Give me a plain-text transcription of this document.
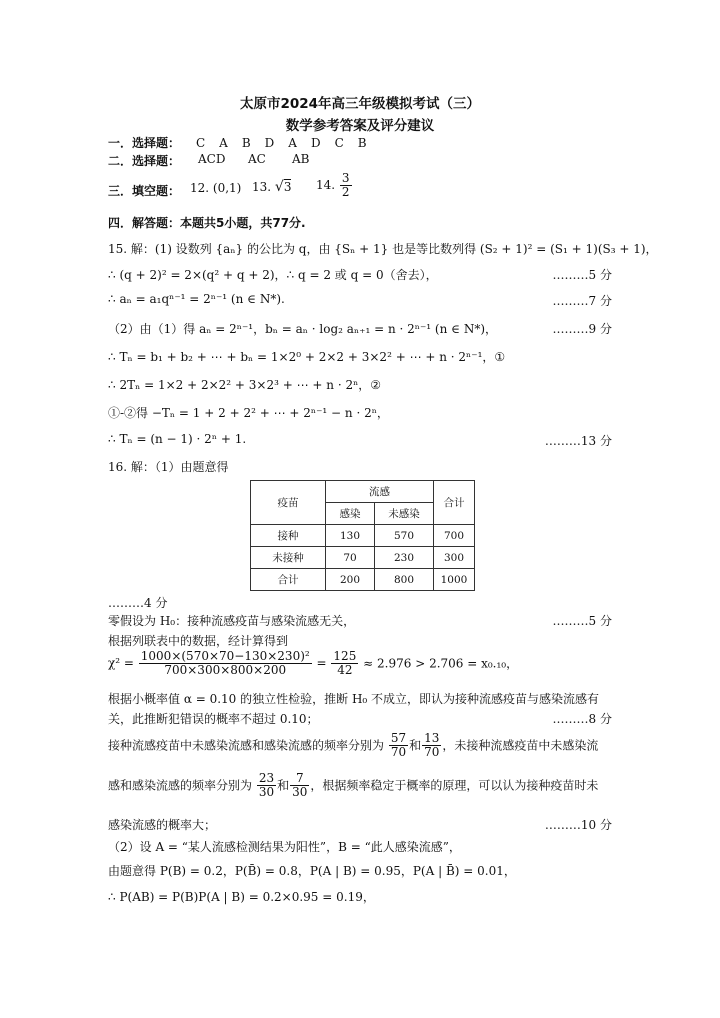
太原市2024年高三年级模拟考试（三）
数学参考答案及评分建议
一．选择题： C　A　B　D　A　D　C　B
二．选择题： ACD AC AB
三．填空题： 12. (0,1) 13. √3 14. $\frac{3}{2}$
四．解答题：本题共5小题，共77分.
15. 解：(1) 设数列 {aₙ} 的公比为 q，由 {Sₙ + 1} 也是等比数列得 (S₂ + 1)² = (S₁ + 1)(S₃ + 1)，
∴ (q + 2)² = 2×(q² + q + 2)，∴ q = 2 或 q = 0（舍去），	………5 分
∴ aₙ = a₁qⁿ⁻¹ = 2ⁿ⁻¹ (n ∈ N*).	………7 分
（2）由（1）得 aₙ = 2ⁿ⁻¹，bₙ = aₙ · log₂ aₙ₊₁ = n · 2ⁿ⁻¹ (n ∈ N*)，	………9 分
∴ Tₙ = b₁ + b₂ + ⋯ + bₙ = 1×2⁰ + 2×2 + 3×2² + ⋯ + n · 2ⁿ⁻¹，①
∴ 2Tₙ = 1×2 + 2×2² + 3×2³ + ⋯ + n · 2ⁿ，②
①-②得 −Tₙ = 1 + 2 + 2² + ⋯ + 2ⁿ⁻¹ − n · 2ⁿ，
∴ Tₙ = (n − 1) · 2ⁿ + 1.	………13 分
16. 解：（1）由题意得
疫苗	流感		合计
	感染	未感染	
接种	130	570	700
未接种	70	230	300
合计	200	800	1000
………4 分
零假设为 H₀：接种流感疫苗与感染流感无关，	………5 分
根据列联表中的数据，经计算得到
$\chi^2 = \frac{\text{1000×(570×70−130×230)²}}{700\times 300\times 800\times 200} = \frac{125}{42} \approx 2.976 > 2.706 = x_0._{10}$，
根据小概率值 α = 0.10 的独立性检验，推断 H₀ 不成立，即认为接种流感疫苗与感染流感有
关，此推断犯错误的概率不超过 0.10；	………8 分
接种流感疫苗中未感染流感和感染流感的频率分别为 $\frac{57}{70}$ 和 $\frac{13}{70}$ ，未接种流感疫苗中未感染流
感和感染流感的频率分别为 $\frac{23}{30}$ 和 $\frac{7}{30}$ ，根据频率稳定于概率的原理，可以认为接种疫苗时未
感染流感的概率大；	………10 分
（2）设 A = “某人流感检测结果为阳性”，B = “此人感染流感”，
由题意得 P(B) = 0.2，P(B̄) = 0.8，P(A | B) = 0.95，P(A | B̄) = 0.01，
∴ P(AB) = P(B)P(A | B) = 0.2×0.95 = 0.19，
